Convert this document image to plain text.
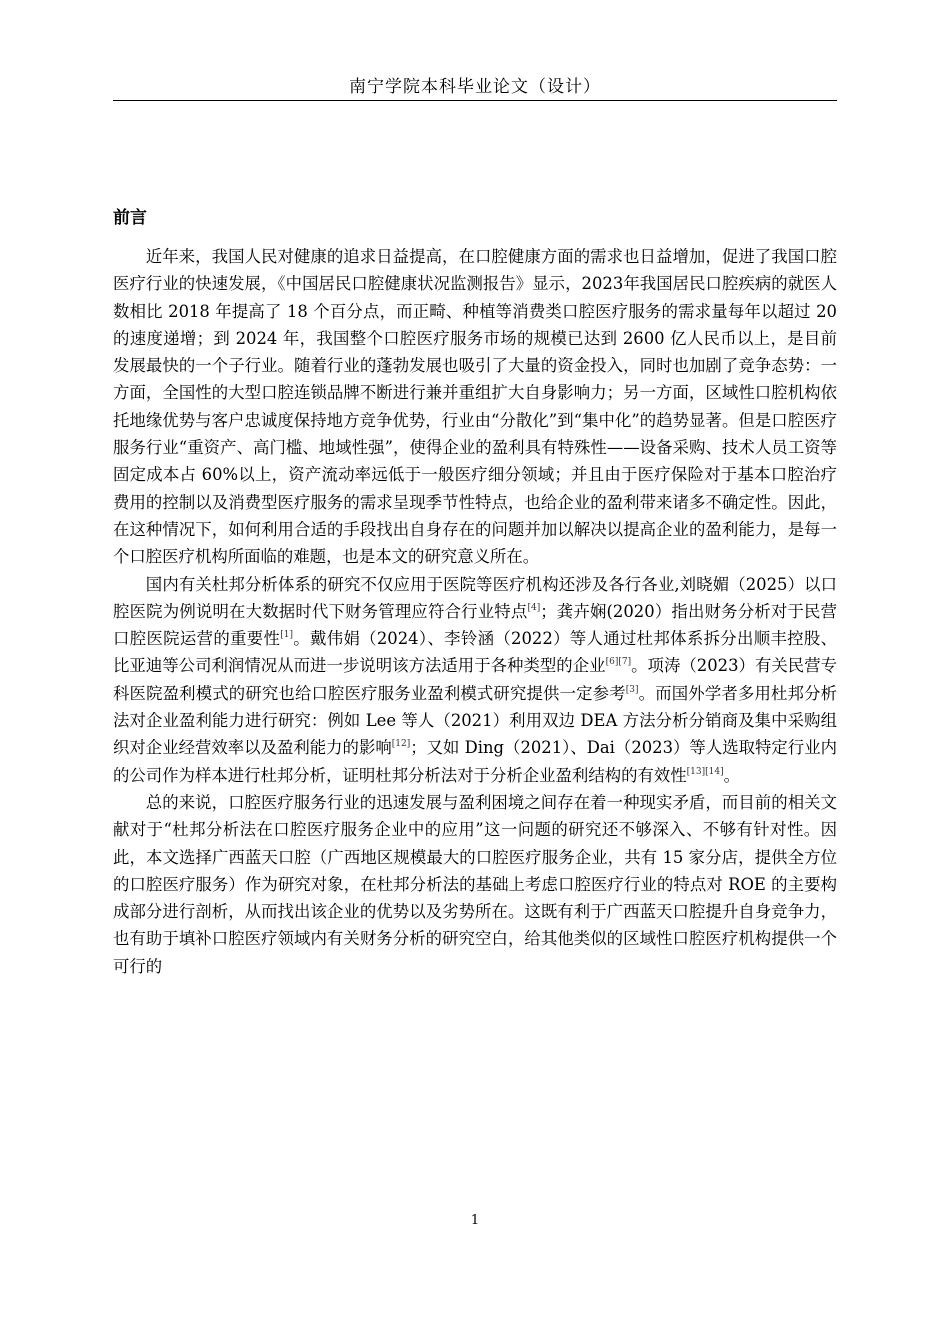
南宁学院本科毕业论文（设计）
前言

近年来，我国人民对健康的追求日益提高，在口腔健康方面的需求也日益增加，促进了我国口腔医疗行业的快速发展，《中国居民口腔健康状况监测报告》显示，2023年我国居民口腔疾病的就医人数相比 2018 年提高了 18 个百分点，而正畸、种植等消费类口腔医疗服务的需求量每年以超过 20 的速度递增；到 2024 年，我国整个口腔医疗服务市场的规模已达到 2600 亿人民币以上，是目前发展最快的一个子行业。随着行业的蓬勃发展也吸引了大量的资金投入，同时也加剧了竞争态势：一方面，全国性的大型口腔连锁品牌不断进行兼并重组扩大自身影响力；另一方面，区域性口腔机构依托地缘优势与客户忠诚度保持地方竞争优势，行业由“分散化”到“集中化”的趋势显著。但是口腔医疗服务行业“重资产、高门槛、地域性强”，使得企业的盈利具有特殊性——设备采购、技术人员工资等固定成本占 60%以上，资产流动率远低于一般医疗细分领域；并且由于医疗保险对于基本口腔治疗费用的控制以及消费型医疗服务的需求呈现季节性特点，也给企业的盈利带来诸多不确定性。因此，在这种情况下，如何利用合适的手段找出自身存在的问题并加以解决以提高企业的盈利能力，是每一个口腔医疗机构所面临的难题，也是本文的研究意义所在。

国内有关杜邦分析体系的研究不仅应用于医院等医疗机构还涉及各行各业,刘晓媚（2025）以口腔医院为例说明在大数据时代下财务管理应符合行业特点[4]；龚卉娴(2020）指出财务分析对于民营口腔医院运营的重要性[1]。戴伟娟（2024）、李铃涵（2022）等人通过杜邦体系拆分出顺丰控股、比亚迪等公司利润情况从而进一步说明该方法适用于各种类型的企业[6][7]。项涛（2023）有关民营专科医院盈利模式的研究也给口腔医疗服务业盈利模式研究提供一定参考[3]。而国外学者多用杜邦分析法对企业盈利能力进行研究：例如 Lee 等人（2021）利用双边 DEA 方法分析分销商及集中采购组织对企业经营效率以及盈利能力的影响[12]；又如 Ding（2021）、Dai（2023）等人选取特定行业内的公司作为样本进行杜邦分析，证明杜邦分析法对于分析企业盈利结构的有效性[13][14]。

总的来说，口腔医疗服务行业的迅速发展与盈利困境之间存在着一种现实矛盾，而目前的相关文献对于“杜邦分析法在口腔医疗服务企业中的应用”这一问题的研究还不够深入、不够有针对性。因此，本文选择广西蓝天口腔（广西地区规模最大的口腔医疗服务企业，共有 15 家分店，提供全方位的口腔医疗服务）作为研究对象，在杜邦分析法的基础上考虑口腔医疗行业的特点对 ROE 的主要构成部分进行剖析，从而找出该企业的优势以及劣势所在。这既有利于广西蓝天口腔提升自身竞争力，也有助于填补口腔医疗领域内有关财务分析的研究空白，给其他类似的区域性口腔医疗机构提供一个可行的

1
